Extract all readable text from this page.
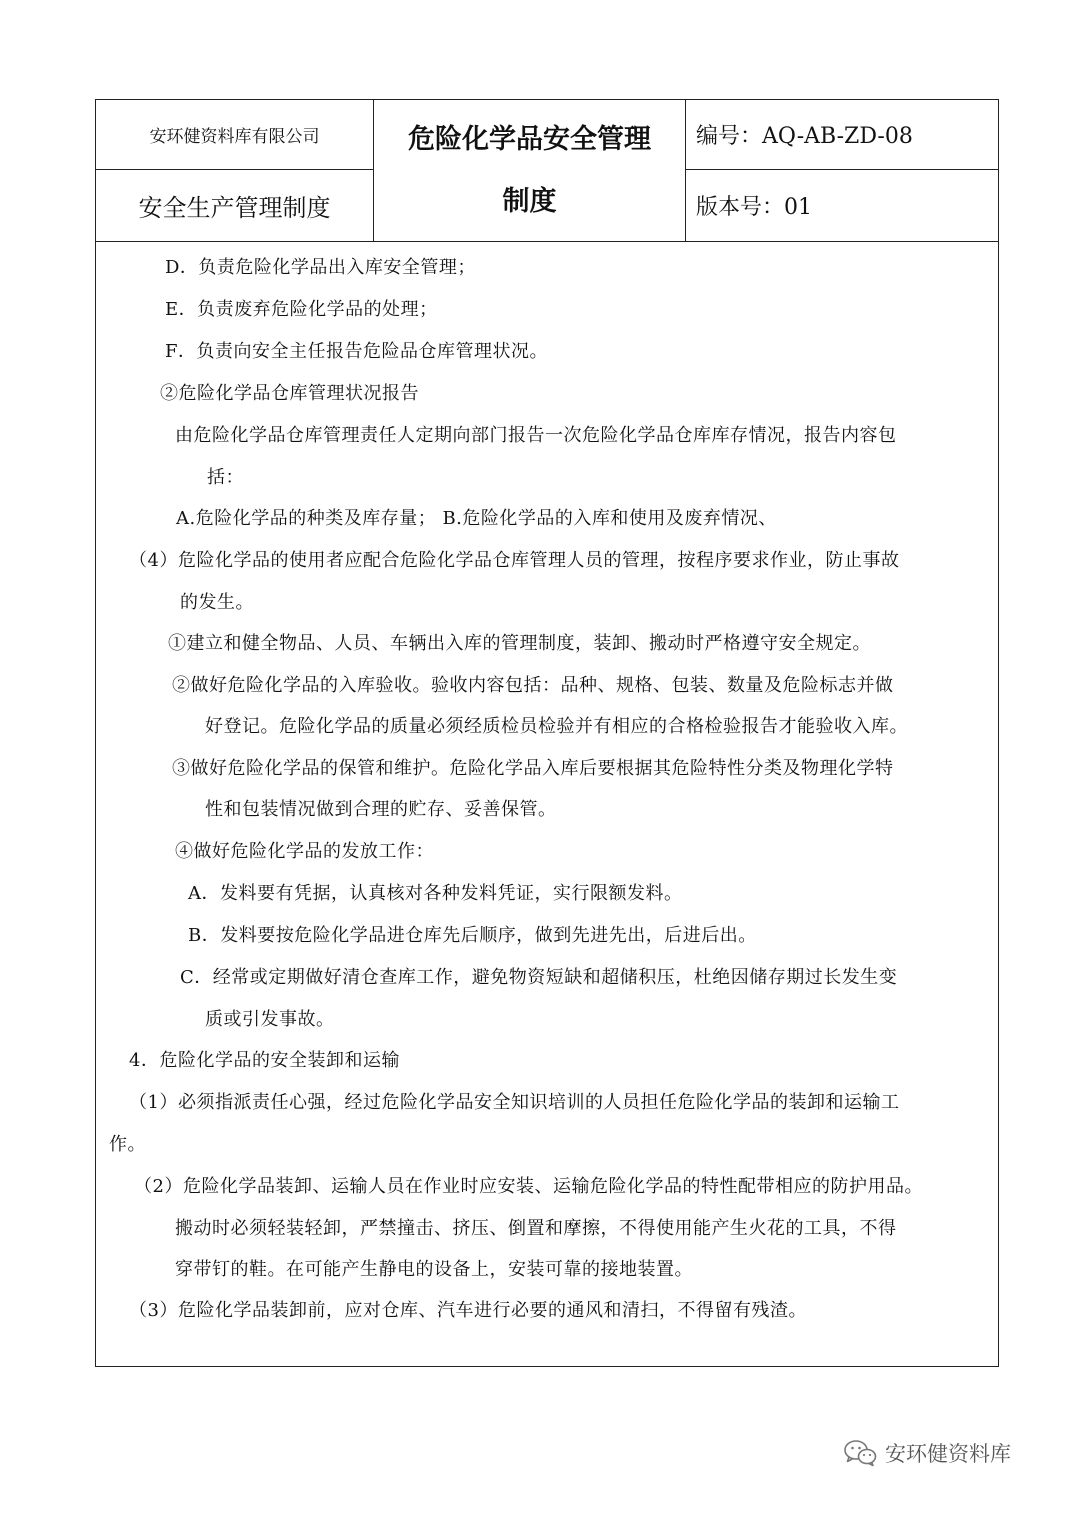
安环健资料库有限公司
安全生产管理制度
危险化学品安全管理
制度
编号：AQ-AB-ZD-08
版本号：01
D．负责危险化学品出入库安全管理；
E．负责废弃危险化学品的处理；
F．负责向安全主任报告危险品仓库管理状况。
②危险化学品仓库管理状况报告
由危险化学品仓库管理责任人定期向部门报告一次危险化学品仓库库存情况，报告内容包
括：
A.危险化学品的种类及库存量； B.危险化学品的入库和使用及废弃情况、
（4）危险化学品的使用者应配合危险化学品仓库管理人员的管理，按程序要求作业，防止事故
的发生。
①建立和健全物品、人员、车辆出入库的管理制度，装卸、搬动时严格遵守安全规定。
②做好危险化学品的入库验收。验收内容包括：品种、规格、包装、数量及危险标志并做
好登记。危险化学品的质量必须经质检员检验并有相应的合格检验报告才能验收入库。
③做好危险化学品的保管和维护。危险化学品入库后要根据其危险特性分类及物理化学特
性和包装情况做到合理的贮存、妥善保管。
④做好危险化学品的发放工作：
A．发料要有凭据，认真核对各种发料凭证，实行限额发料。
B．发料要按危险化学品进仓库先后顺序，做到先进先出，后进后出。
C．经常或定期做好清仓查库工作，避免物资短缺和超储积压，杜绝因储存期过长发生变
质或引发事故。
4．危险化学品的安全装卸和运输
（1）必须指派责任心强，经过危险化学品安全知识培训的人员担任危险化学品的装卸和运输工
作。
（2）危险化学品装卸、运输人员在作业时应安装、运输危险化学品的特性配带相应的防护用品。
搬动时必须轻装轻卸，严禁撞击、挤压、倒置和摩擦，不得使用能产生火花的工具，不得
穿带钉的鞋。在可能产生静电的设备上，安装可靠的接地装置。
（3）危险化学品装卸前，应对仓库、汽车进行必要的通风和清扫，不得留有残渣。
安环健资料库
